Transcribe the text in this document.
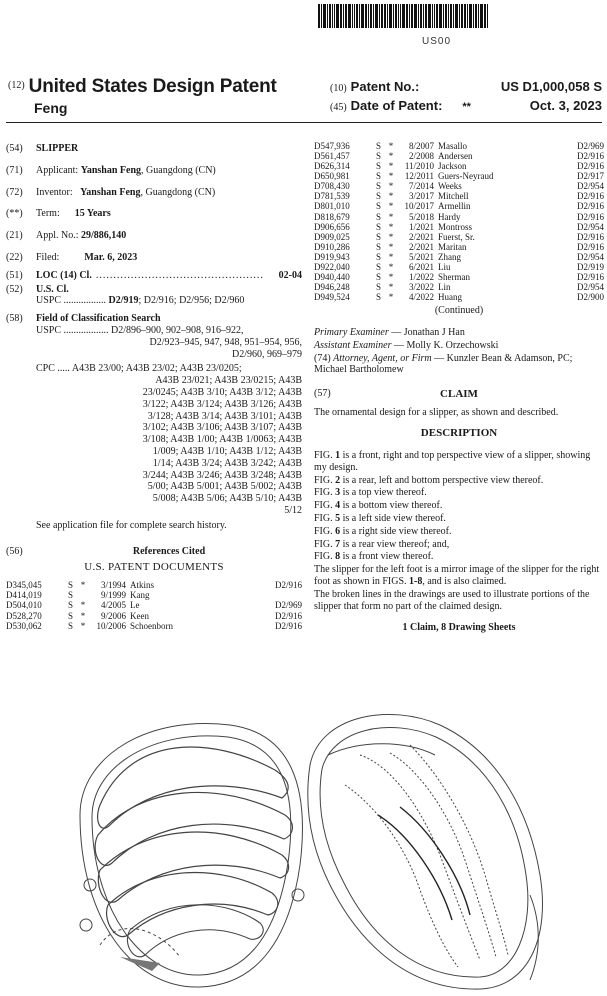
US00
(12) United States Design Patent
Feng
(10) Patent No.:	US D1,000,058 S
(45) Date of Patent: **	Oct. 3, 2023
(54)	SLIPPER
(71)	Applicant: Yanshan Feng, Guangdong (CN)
(72)	Inventor: Yanshan Feng, Guangdong (CN)
(**)	Term: 15 Years
(21)	Appl. No.: 29/886,140
(22)	Filed:	Mar. 6, 2023
(51)	LOC (14) Cl. ................................................	02-04
(52)	U.S. Cl.
USPC ................. D2/919; D2/916; D2/956; D2/960
(58)	Field of Classification Search
USPC .................. D2/896–900, 902–908, 916–922,
D2/923–945, 947, 948, 951–954, 956,
D2/960, 969–979
CPC ..... A43B 23/00; A43B 23/02; A43B 23/0205;
A43B 23/021; A43B 23/0215; A43B
23/0245; A43B 3/10; A43B 3/12; A43B
3/122; A43B 3/124; A43B 3/126; A43B
3/128; A43B 3/14; A43B 3/101; A43B
3/102; A43B 3/106; A43B 3/107; A43B
3/108; A43B 1/00; A43B 1/0063; A43B
1/009; A43B 1/10; A43B 1/12; A43B
1/14; A43B 3/24; A43B 3/242; A43B
3/244; A43B 3/246; A43B 3/248; A43B
5/00; A43B 5/001; A43B 5/002; A43B
5/008; A43B 5/06; A43B 5/10; A43B
5/12
See application file for complete search history.
(56)	References Cited
U.S. PATENT DOCUMENTS
D345,045	S	*	3/1994	Atkins	D2/916
D414,019	S		9/1999	Kang	
D504,010	S	*	4/2005	Le	D2/969
D528,270	S	*	9/2006	Keen	D2/916
D530,062	S	*	10/2006	Schoenborn	D2/916
D547,936	S	*	8/2007	Masallo	D2/969
D561,457	S	*	2/2008	Andersen	D2/916
D626,314	S	*	11/2010	Jackson	D2/916
D650,981	S	*	12/2011	Guers-Neyraud	D2/917
D708,430	S	*	7/2014	Weeks	D2/954
D781,539	S	*	3/2017	Mitchell	D2/916
D801,010	S	*	10/2017	Armellin	D2/916
D818,679	S	*	5/2018	Hardy	D2/916
D906,656	S	*	1/2021	Montross	D2/954
D909,025	S	*	2/2021	Fuerst, Sr.	D2/916
D910,286	S	*	2/2021	Maritan	D2/916
D919,943	S	*	5/2021	Zhang	D2/954
D922,040	S	*	6/2021	Liu	D2/919
D940,440	S	*	1/2022	Sherman	D2/916
D946,248	S	*	3/2022	Lin	D2/954
D949,524	S	*	4/2022	Huang	D2/900
(Continued)
Primary Examiner — Jonathan J Han
Assistant Examiner — Molly K. Orzechowski
(74) Attorney, Agent, or Firm — Kunzler Bean & Adamson, PC; Michael Bartholomew
(57)	CLAIM
The ornamental design for a slipper, as shown and described.
DESCRIPTION
FIG. 1 is a front, right and top perspective view of a slipper, showing my design.
FIG. 2 is a rear, left and bottom perspective view thereof.
FIG. 3 is a top view thereof.
FIG. 4 is a bottom view thereof.
FIG. 5 is a left side view thereof.
FIG. 6 is a right side view thereof.
FIG. 7 is a rear view thereof; and,
FIG. 8 is a front view thereof.
The slipper for the left foot is a mirror image of the slipper for the right foot as shown in FIGS. 1-8, and is also claimed.
The broken lines in the drawings are used to illustrate portions of the slipper that form no part of the claimed design.
1 Claim, 8 Drawing Sheets
